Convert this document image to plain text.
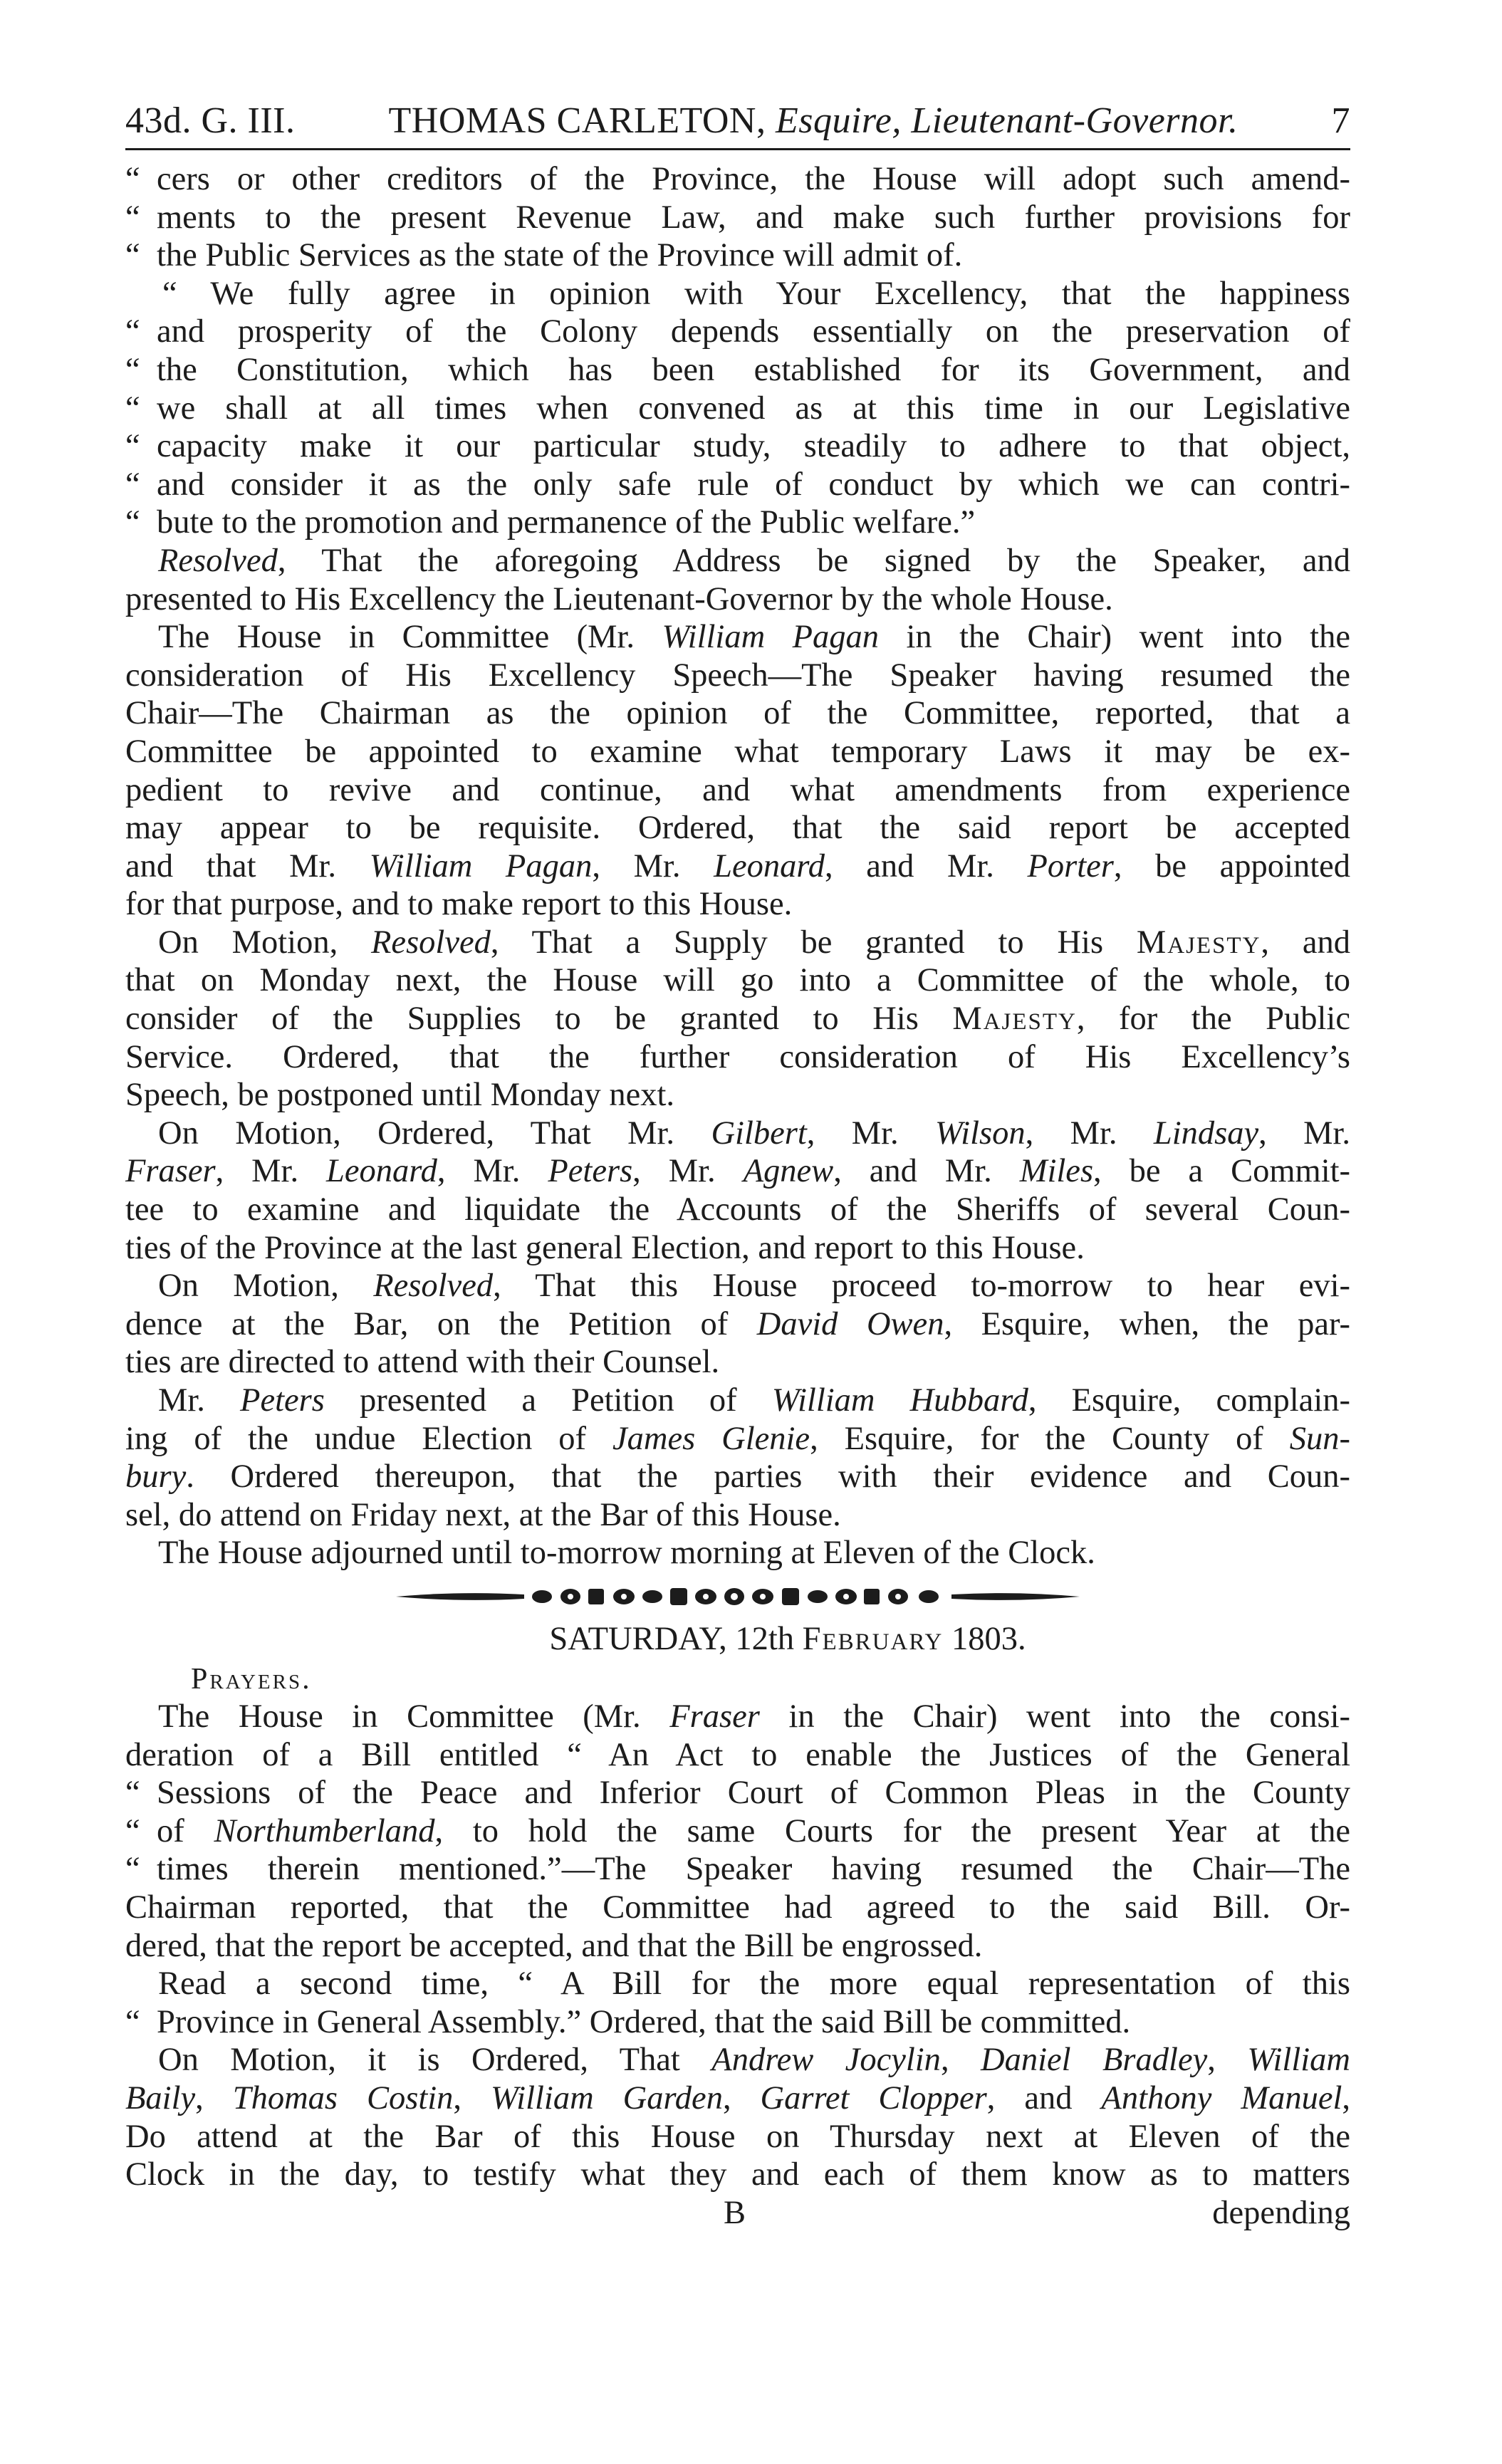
43d. G. III.	THOMAS CARLETON, Esquire, Lieutenant-Governor.	7
“ cers or other creditors of the Province, the House will adopt such amend-
“ ments to the present Revenue Law, and make such further provisions for
“ the Public Services as the state of the Province will admit of.
“ We fully agree in opinion with Your Excellency, that the happiness
“ and prosperity of the Colony depends essentially on the preservation of
“ the Constitution, which has been established for its Government, and
“ we shall at all times when convened as at this time in our Legislative
“ capacity make it our particular study, steadily to adhere to that object,
“ and consider it as the only safe rule of conduct by which we can contri-
“ bute to the promotion and permanence of the Public welfare.”
Resolved, That the aforegoing Address be signed by the Speaker, and
presented to His Excellency the Lieutenant-Governor by the whole House.
The House in Committee (Mr. William Pagan in the Chair) went into the
consideration of His Excellency Speech—The Speaker having resumed the
Chair—The Chairman as the opinion of the Committee, reported, that a
Committee be appointed to examine what temporary Laws it may be ex-
pedient to revive and continue, and what amendments from experience
may appear to be requisite. Ordered, that the said report be accepted
and that Mr. William Pagan, Mr. Leonard, and Mr. Porter, be appointed
for that purpose, and to make report to this House.
On Motion, Resolved, That a Supply be granted to His Majesty, and
that on Monday next, the House will go into a Committee of the whole, to
consider of the Supplies to be granted to His Majesty, for the Public
Service. Ordered, that the further consideration of His Excellency’s
Speech, be postponed until Monday next.
On Motion, Ordered, That Mr. Gilbert, Mr. Wilson, Mr. Lindsay, Mr.
Fraser, Mr. Leonard, Mr. Peters, Mr. Agnew, and Mr. Miles, be a Commit-
tee to examine and liquidate the Accounts of the Sheriffs of several Coun-
ties of the Province at the last general Election, and report to this House.
On Motion, Resolved, That this House proceed to-morrow to hear evi-
dence at the Bar, on the Petition of David Owen, Esquire, when, the par-
ties are directed to attend with their Counsel.
Mr. Peters presented a Petition of William Hubbard, Esquire, complain-
ing of the undue Election of James Glenie, Esquire, for the County of Sun-
bury. Ordered thereupon, that the parties with their evidence and Coun-
sel, do attend on Friday next, at the Bar of this House.
The House adjourned until to-morrow morning at Eleven of the Clock.
SATURDAY, 12th February 1803.
Prayers.
The House in Committee (Mr. Fraser in the Chair) went into the consi-
deration of a Bill entitled “ An Act to enable the Justices of the General
“ Sessions of the Peace and Inferior Court of Common Pleas in the County
“ of Northumberland, to hold the same Courts for the present Year at the
“ times therein mentioned.”—The Speaker having resumed the Chair—The
Chairman reported, that the Committee had agreed to the said Bill. Or-
dered, that the report be accepted, and that the Bill be engrossed.
Read a second time, “ A Bill for the more equal representation of this
“ Province in General Assembly.” Ordered, that the said Bill be committed.
On Motion, it is Ordered, That Andrew Jocylin, Daniel Bradley, William
Baily, Thomas Costin, William Garden, Garret Clopper, and Anthony Manuel,
Do attend at the Bar of this House on Thursday next at Eleven of the
Clock in the day, to testify what they and each of them know as to matters
B	depending
